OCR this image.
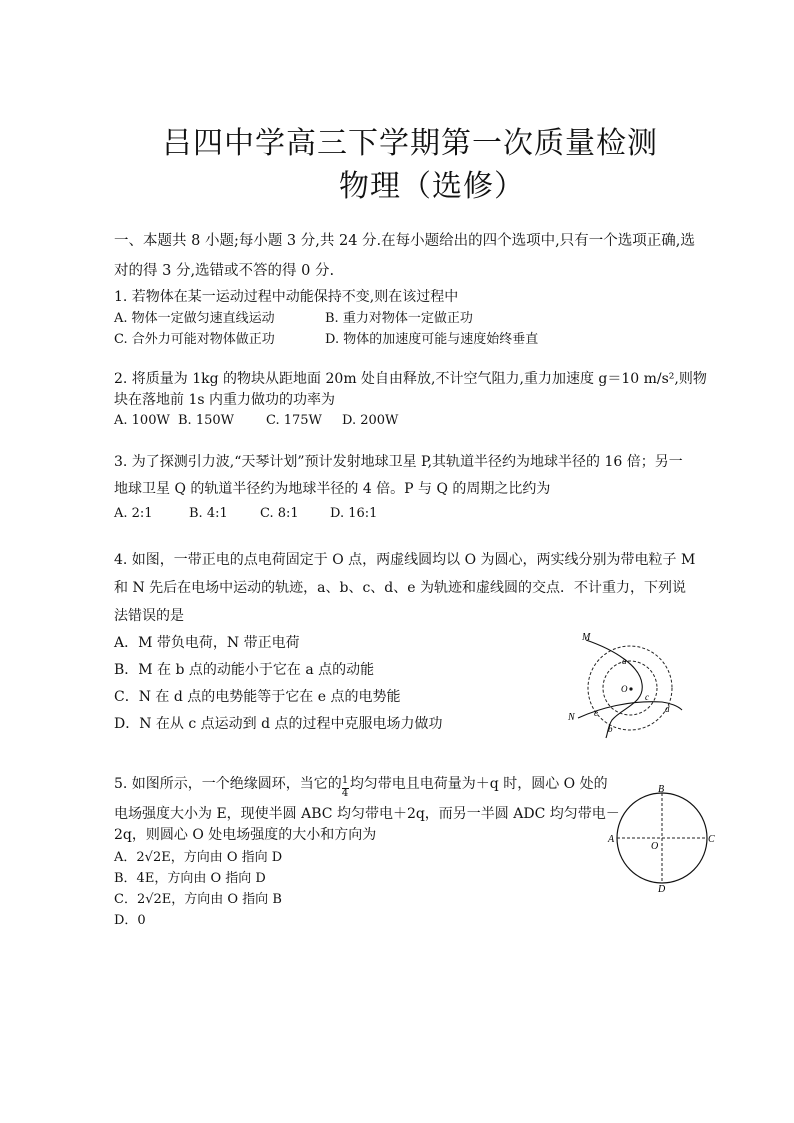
吕四中学高三下学期第一次质量检测
物理（选修）
一、本题共 8 小题;每小题 3 分,共 24 分.在每小题给出的四个选项中,只有一个选项正确,选
对的得 3 分,选错或不答的得 0 分.
1. 若物体在某一运动过程中动能保持不变,则在该过程中
A. 物体一定做匀速直线运动	B. 重力对物体一定做正功
C. 合外力可能对物体做正功	D. 物体的加速度可能与速度始终垂直
2. 将质量为 1kg 的物块从距地面 20m 处自由释放,不计空气阻力,重力加速度 g＝10 m/s²,则物
块在落地前 1s 内重力做功的功率为
A. 100W B. 150W C. 175W D. 200W
3. 为了探测引力波,“天琴计划”预计发射地球卫星 P,其轨道半径约为地球半径的 16 倍；另一
地球卫星 Q 的轨道半径约为地球半径的 4 倍。P 与 Q 的周期之比约为
A. 2:1	B. 4:1 C. 8:1 D. 16:1
4. 如图，一带正电的点电荷固定于 O 点，两虚线圆均以 O 为圆心，两实线分别为带电粒子 M
和 N 先后在电场中运动的轨迹，a、b、c、d、e 为轨迹和虚线圆的交点．不计重力，下列说
法错误的是
A．M 带负电荷，N 带正电荷
B．M 在 b 点的动能小于它在 a 点的动能
C．N 在 d 点的电势能等于它在 e 点的电势能
D．N 在从 c 点运动到 d 点的过程中克服电场力做功
M
N
O
a
b
c
d
e
5. 如图所示，一个绝缘圆环，当它的
$\frac{1}{4}$
均匀带电且电荷量为＋q 时，圆心 O 处的
电场强度大小为 E，现使半圆 ABC 均匀带电＋2q，而另一半圆 ADC 均匀带电－
2q，则圆心 O 处电场强度的大小和方向为
A．2√2E，方向由 O 指向 D
B．4E，方向由 O 指向 D
C．2√2E，方向由 O 指向 B
D．0
B
D
A	C
O
